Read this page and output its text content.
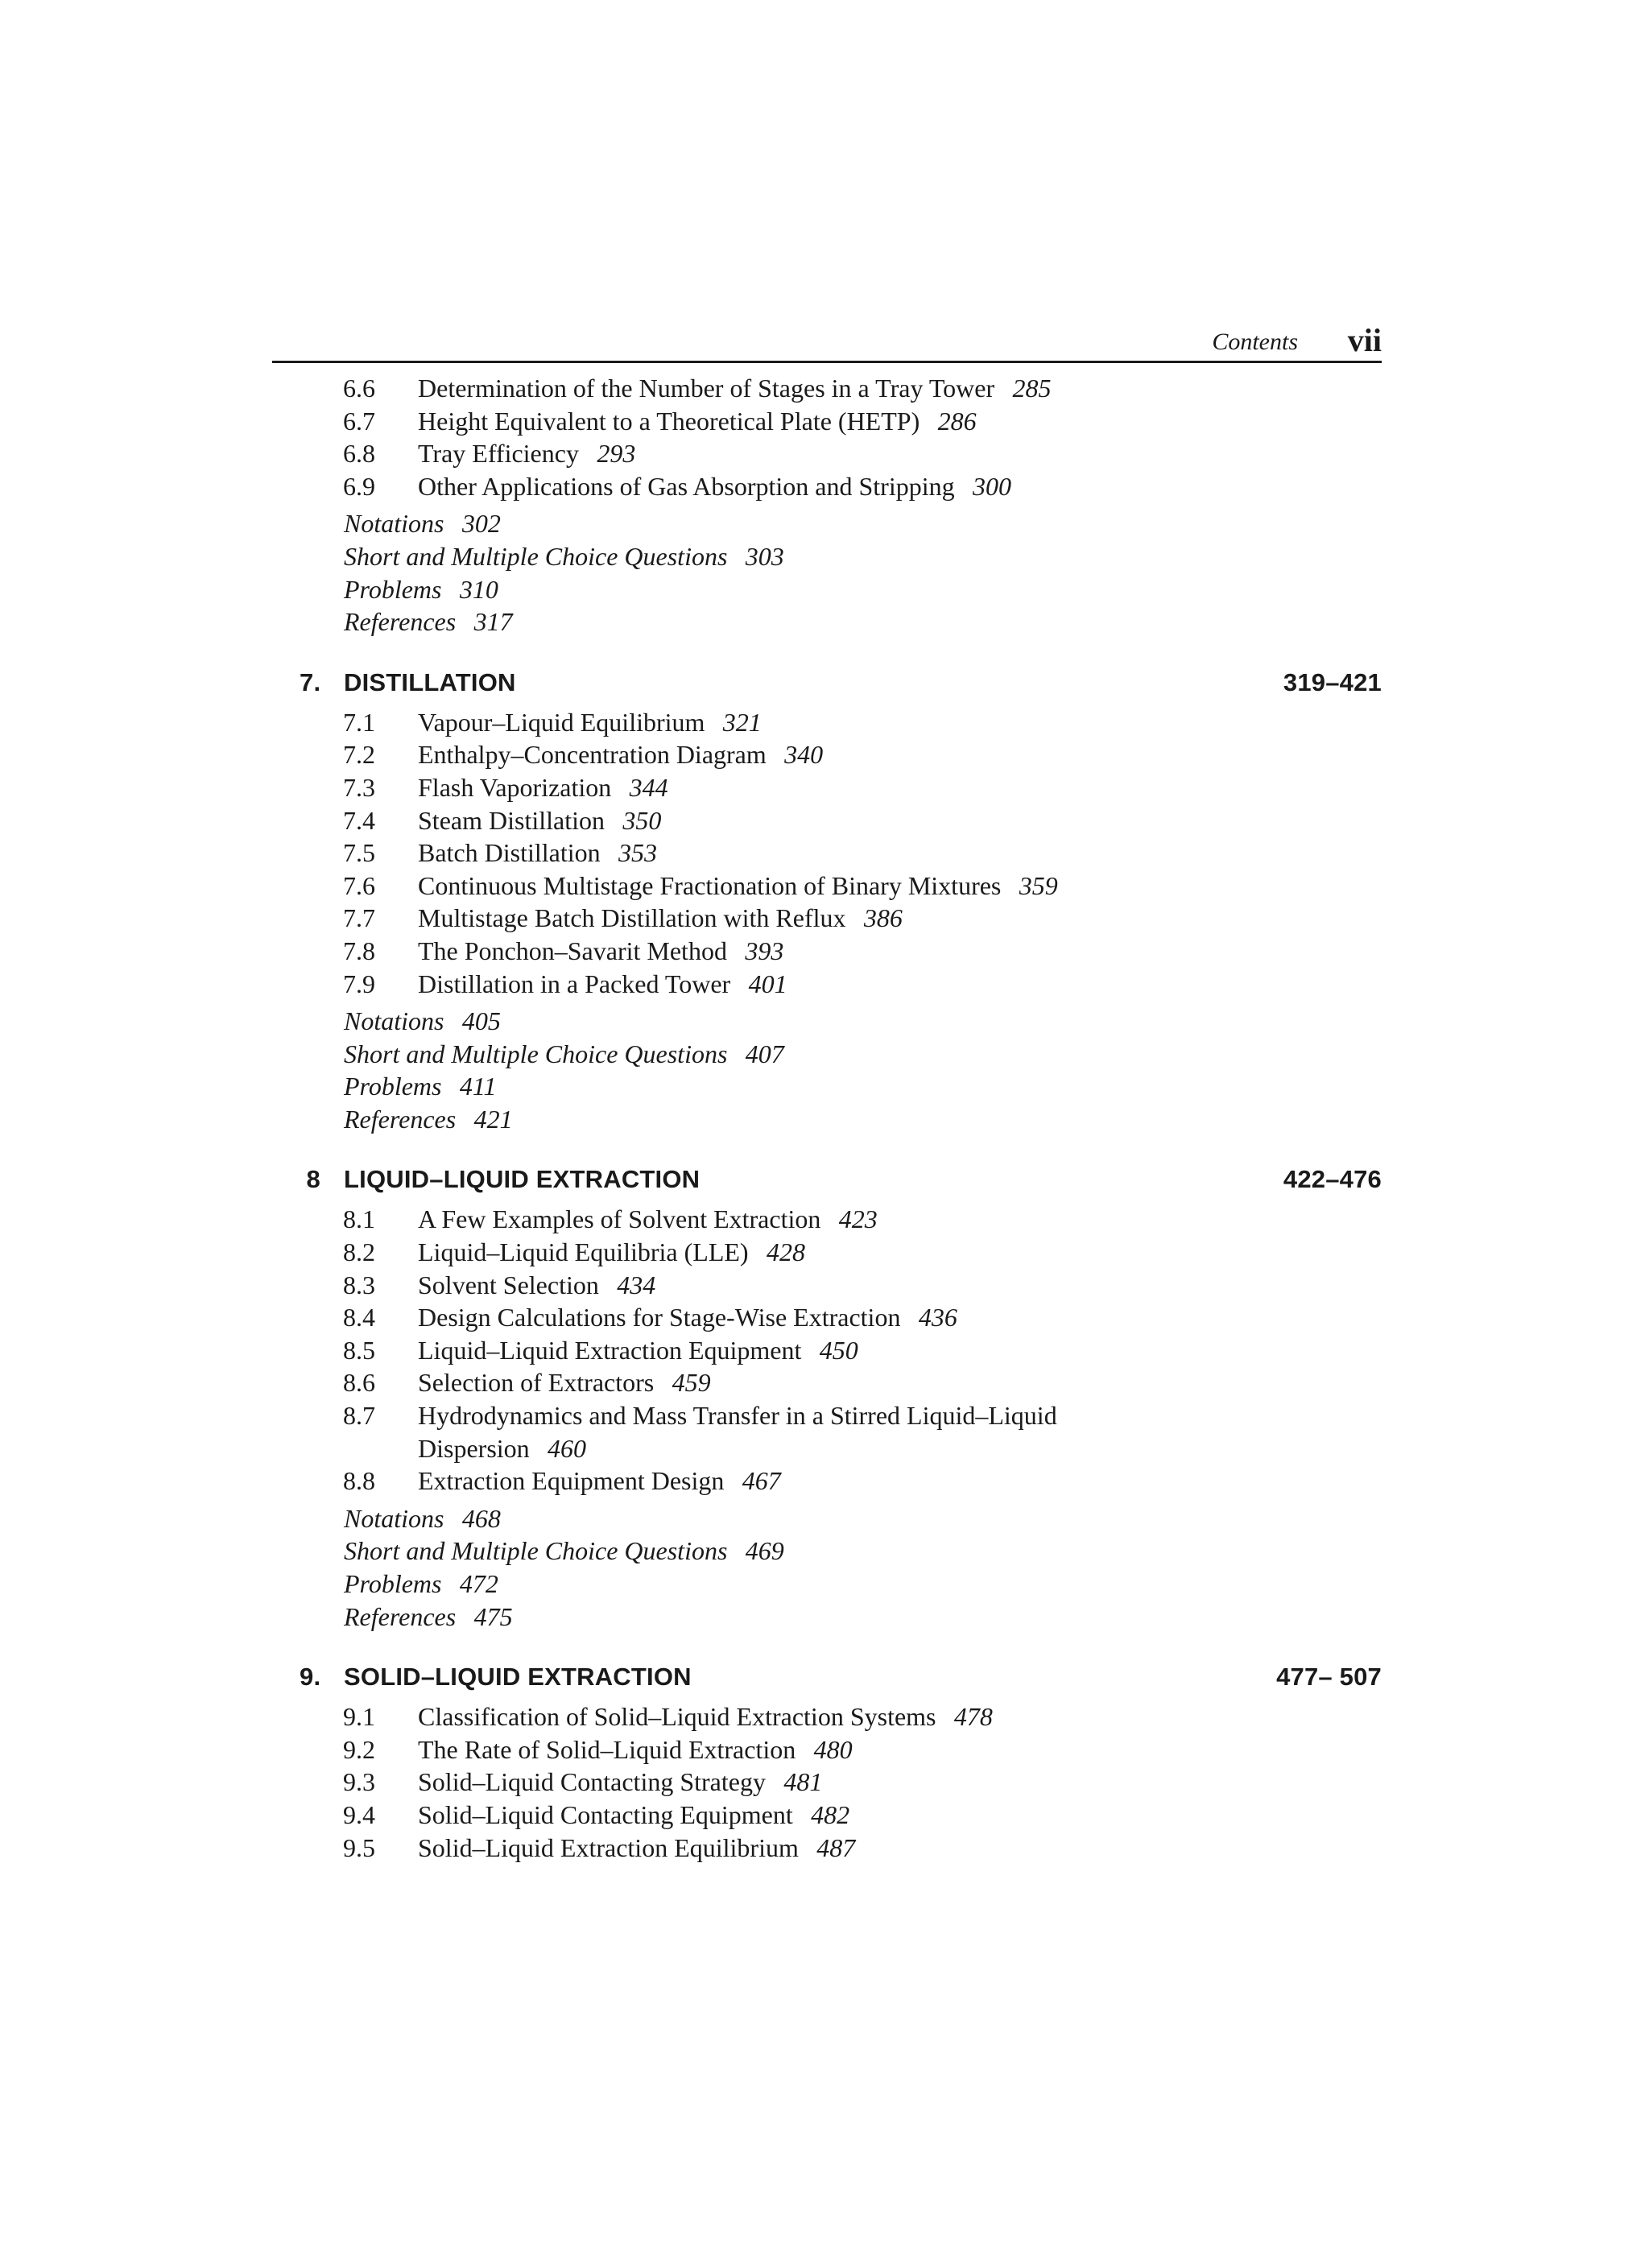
Contents vii
6.6 Determination of the Number of Stages in a Tray Tower 285
6.7 Height Equivalent to a Theoretical Plate (HETP) 286
6.8 Tray Efficiency 293
6.9 Other Applications of Gas Absorption and Stripping 300
Notations 302
Short and Multiple Choice Questions 303
Problems 310
References 317
7. DISTILLATION	319–421
7.1 Vapour–Liquid Equilibrium 321
7.2 Enthalpy–Concentration Diagram 340
7.3 Flash Vaporization 344
7.4 Steam Distillation 350
7.5 Batch Distillation 353
7.6 Continuous Multistage Fractionation of Binary Mixtures 359
7.7 Multistage Batch Distillation with Reflux 386
7.8 The Ponchon–Savarit Method 393
7.9 Distillation in a Packed Tower 401
Notations 405
Short and Multiple Choice Questions 407
Problems 411
References 421
8 LIQUID–LIQUID EXTRACTION	422–476
8.1 A Few Examples of Solvent Extraction 423
8.2 Liquid–Liquid Equilibria (LLE) 428
8.3 Solvent Selection 434
8.4 Design Calculations for Stage-Wise Extraction 436
8.5 Liquid–Liquid Extraction Equipment 450
8.6 Selection of Extractors 459
8.7 Hydrodynamics and Mass Transfer in a Stirred Liquid–Liquid
Dispersion 460
8.8 Extraction Equipment Design 467
Notations 468
Short and Multiple Choice Questions 469
Problems 472
References 475
9. SOLID–LIQUID EXTRACTION	477– 507
9.1 Classification of Solid–Liquid Extraction Systems 478
9.2 The Rate of Solid–Liquid Extraction 480
9.3 Solid–Liquid Contacting Strategy 481
9.4 Solid–Liquid Contacting Equipment 482
9.5 Solid–Liquid Extraction Equilibrium 487
